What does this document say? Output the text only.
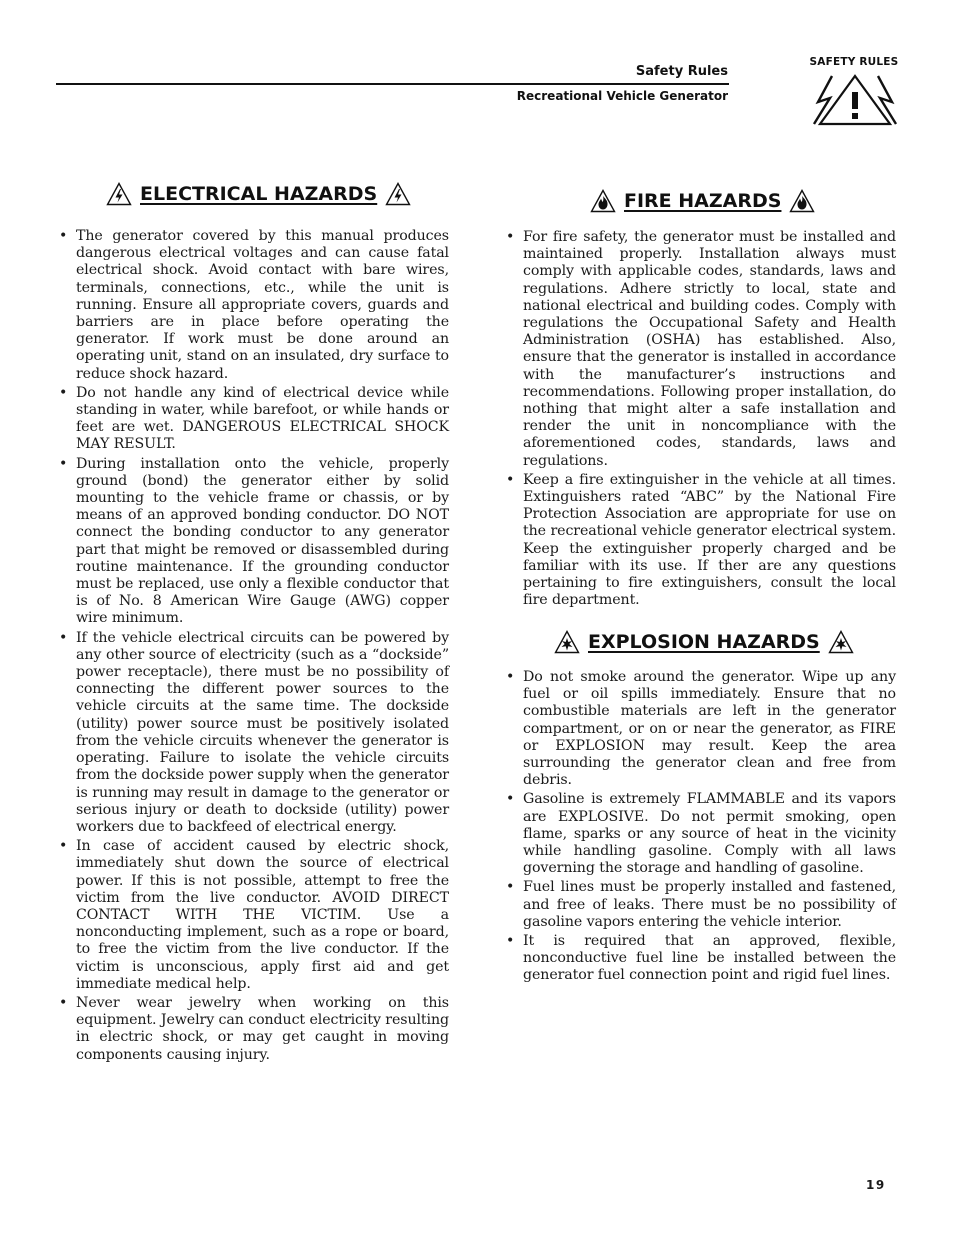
Safety Rules
Recreational Vehicle Generator
SAFETY RULES
ELECTRICAL HAZARDS
• The generator covered by this manual produces dangerous electrical voltages and can cause fatal electrical shock. Avoid contact with bare wires, terminals, connections, etc., while the unit is running. Ensure all appropriate covers, guards and barriers are in place before operating the generator. If work must be done around an operating unit, stand on an insulated, dry surface to reduce shock hazard.
• Do not handle any kind of electrical device while standing in water, while barefoot, or while hands or feet are wet. DANGEROUS ELECTRICAL SHOCK MAY RESULT.
• During installation onto the vehicle, properly ground (bond) the generator either by solid mounting to the vehicle frame or chassis, or by means of an approved bonding conductor. DO NOT connect the bonding conductor to any generator part that might be removed or disassembled during routine maintenance. If the grounding conductor must be replaced, use only a flexible conductor that is of No. 8 American Wire Gauge (AWG) copper wire minimum.
• If the vehicle electrical circuits can be powered by any other source of electricity (such as a “dockside” power receptacle), there must be no possibility of connecting the different power sources to the vehicle circuits at the same time. The dockside (utility) power source must be positively isolated from the vehicle circuits whenever the generator is operating. Failure to isolate the vehicle circuits from the dockside power supply when the generator is running may result in damage to the generator or serious injury or death to dockside (utility) power workers due to backfeed of electrical energy.
• In case of accident caused by electric shock, immediately shut down the source of electrical power. If this is not possible, attempt to free the victim from the live conductor. AVOID DIRECT CONTACT WITH THE VICTIM. Use a nonconducting implement, such as a rope or board, to free the victim from the live conductor. If the victim is unconscious, apply first aid and get immediate medical help.
• Never wear jewelry when working on this equipment. Jewelry can conduct electricity resulting in electric shock, or may get caught in moving components causing injury.
FIRE HAZARDS
• For fire safety, the generator must be installed and maintained properly. Installation always must comply with applicable codes, standards, laws and regulations. Adhere strictly to local, state and national electrical and building codes. Comply with regulations the Occupational Safety and Health Administration (OSHA) has established. Also, ensure that the generator is installed in accordance with the manufacturer’s instructions and recommendations. Following proper installation, do nothing that might alter a safe installation and render the unit in noncompliance with the aforementioned codes, standards, laws and regulations.
• Keep a fire extinguisher in the vehicle at all times. Extinguishers rated “ABC” by the National Fire Protection Association are appropriate for use on the recreational vehicle generator electrical system. Keep the extinguisher properly charged and be familiar with its use. If ther are any questions pertaining to fire extinguishers, consult the local fire department.
EXPLOSION HAZARDS
• Do not smoke around the generator. Wipe up any fuel or oil spills immediately. Ensure that no combustible materials are left in the generator compartment, or on or near the generator, as FIRE or EXPLOSION may result. Keep the area surrounding the generator clean and free from debris.
• Gasoline is extremely FLAMMABLE and its vapors are EXPLOSIVE. Do not permit smoking, open flame, sparks or any source of heat in the vicinity while handling gasoline. Comply with all laws governing the storage and handling of gasoline.
• Fuel lines must be properly installed and fastened, and free of leaks. There must be no possibility of gasoline vapors entering the vehicle interior.
• It is required that an approved, flexible, nonconductive fuel line be installed between the generator fuel connection point and rigid fuel lines.
19
